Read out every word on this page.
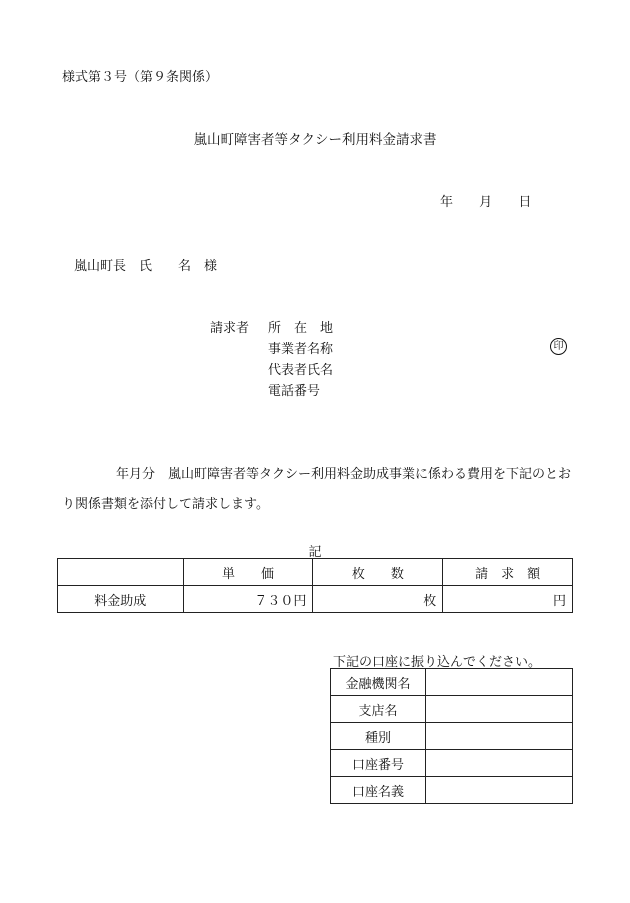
様式第３号（第９条関係）
嵐山町障害者等タクシー利用料金請求書
年 月 日
嵐山町長　氏　　名　様
請求者 所　在　地
事業者名称
代表者氏名
電話番号
印
年月分　嵐山町障害者等タクシー利用料金助成事業に係わる費用を下記のとおり関係書類を添付して請求します。
記
	単　　価	枚　　数	請　求　額
料金助成	７３０円	枚	円
下記の口座に振り込んでください。
金融機関名	
支店名	
種別	
口座番号	
口座名義	
